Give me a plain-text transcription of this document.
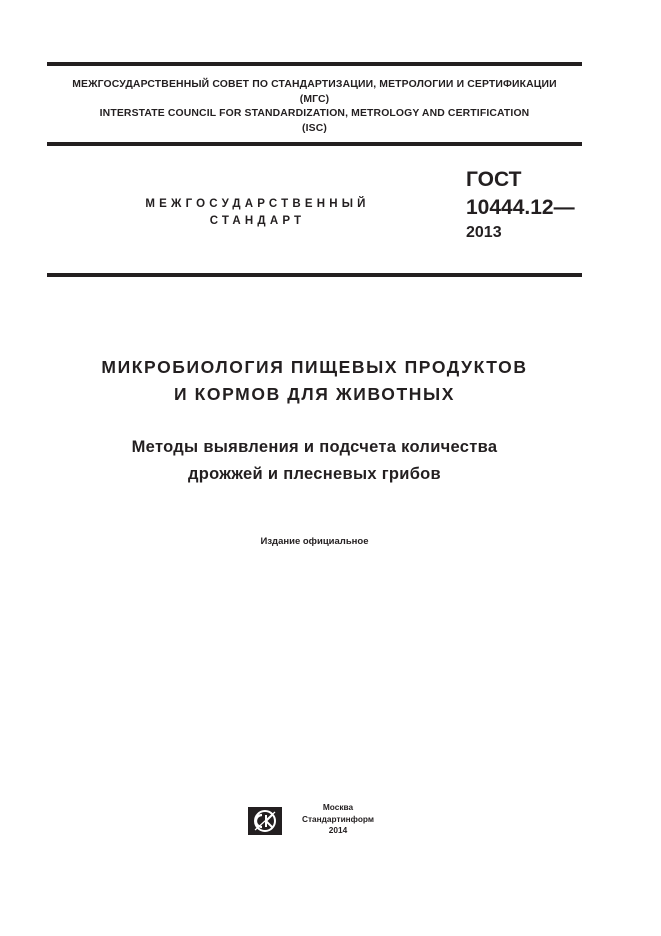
МЕЖГОСУДАРСТВЕННЫЙ СОВЕТ ПО СТАНДАРТИЗАЦИИ, МЕТРОЛОГИИ И СЕРТИФИКАЦИИ
(МГС)
INTERSTATE COUNCIL FOR STANDARDIZATION, METROLOGY AND CERTIFICATION
(ISC)
МЕЖГОСУДАРСТВЕННЫЙ
СТАНДАРТ
ГОСТ
10444.12—
2013
МИКРОБИОЛОГИЯ ПИЩЕВЫХ ПРОДУКТОВ
И КОРМОВ ДЛЯ ЖИВОТНЫХ
Методы выявления и подсчета количества
дрожжей и плесневых грибов
Издание официальное
Москва
Стандартинформ
2014
